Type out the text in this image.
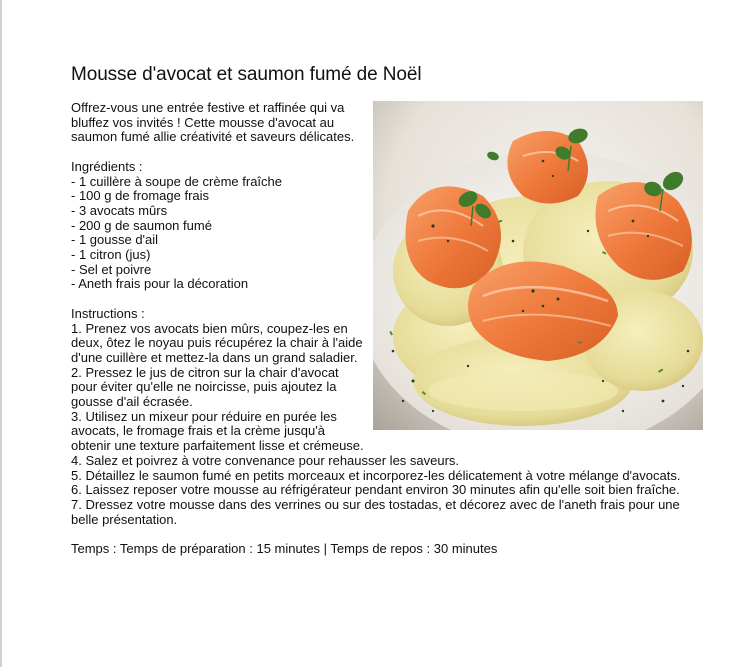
Mousse d'avocat et saumon fumé de Noël

Offrez-vous une entrée festive et raffinée qui va bluffez vos invités ! Cette mousse d'avocat au saumon fumé allie créativité et saveurs délicates.

Ingrédients :

- 1 cuillère à soupe de crème fraîche
- 100 g de fromage frais
- 3 avocats mûrs
- 200 g de saumon fumé
- 1 gousse d'ail
- 1 citron (jus)
- Sel et poivre
- Aneth frais pour la décoration

Instructions :

1. Prenez vos avocats bien mûrs, coupez-les en deux, ôtez le noyau puis récupérez la chair à l'aide d'une cuillère et mettez-la dans un grand saladier.
2. Pressez le jus de citron sur la chair d'avocat pour éviter qu'elle ne noircisse, puis ajoutez la gousse d'ail écrasée.
3. Utilisez un mixeur pour réduire en purée les avocats, le fromage frais et la crème jusqu'à obtenir une texture parfaitement lisse et crémeuse.
4. Salez et poivrez à votre convenance pour rehausser les saveurs.
5. Détaillez le saumon fumé en petits morceaux et incorporez-les délicatement à votre mélange d'avocats.
6. Laissez reposer votre mousse au réfrigérateur pendant environ 30 minutes afin qu'elle soit bien fraîche.
7. Dressez votre mousse dans des verrines ou sur des tostadas, et décorez avec de l'aneth frais pour une belle présentation.

Temps : Temps de préparation : 15 minutes | Temps de repos : 30 minutes
